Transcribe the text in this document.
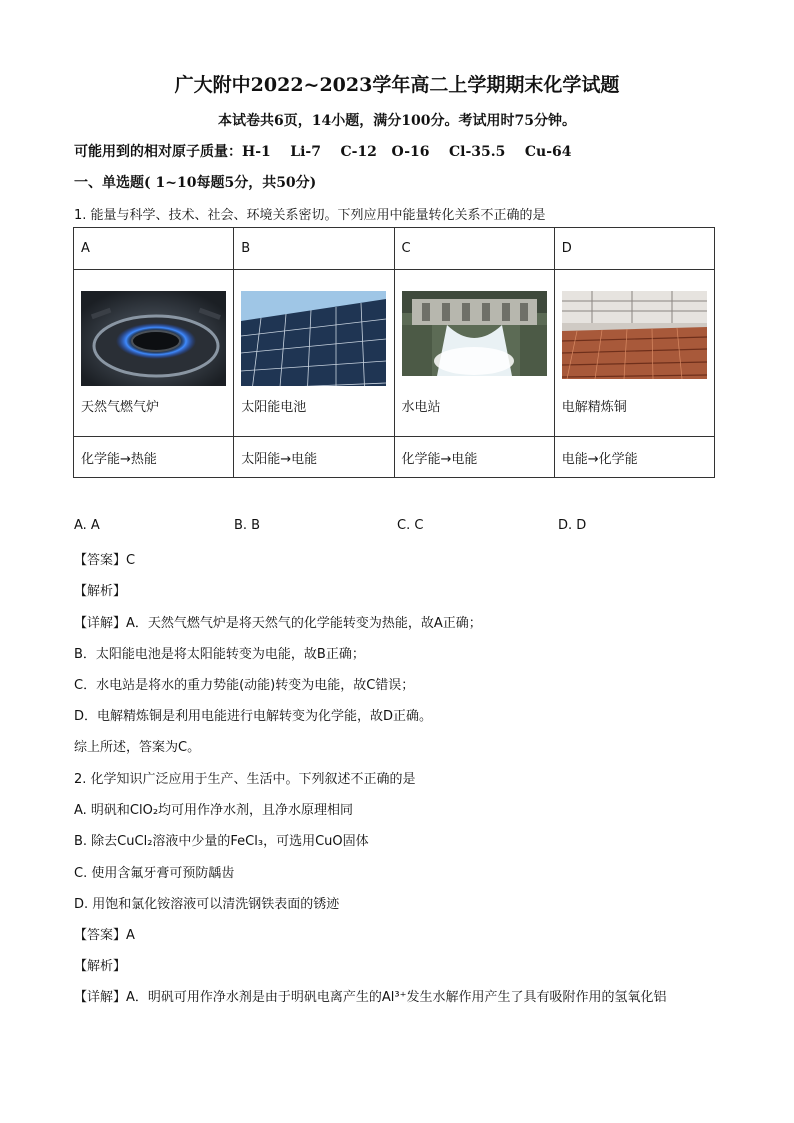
广大附中2022~2023学年高二上学期期末化学试题
本试卷共6页，14小题，满分100分。考试用时75分钟。
可能用到的相对原子质量：H-1    Li-7    C-12   O-16    Cl-35.5    Cu-64
一、单选题( 1~10每题5分，共50分)
1. 能量与科学、技术、社会、环境关系密切。下列应用中能量转化关系不正确的是
A	B	C	D

天然气燃气炉	太阳能电池	水电站	电解精炼铜

化学能→热能	太阳能→电能	化学能→电能	电能→化学能
A. A	B. B	C. C	D. D
【答案】C
【解析】
【详解】A．天然气燃气炉是将天然气的化学能转变为热能，故A正确；
B．太阳能电池是将太阳能转变为电能，故B正确；
C．水电站是将水的重力势能(动能)转变为电能，故C错误；
D．电解精炼铜是利用电能进行电解转变为化学能，故D正确。
综上所述，答案为C。
2. 化学知识广泛应用于生产、生活中。下列叙述不正确的是
A. 明矾和ClO₂均可用作净水剂，且净水原理相同
B. 除去CuCl₂溶液中少量的FeCl₃，可选用CuO固体
C. 使用含氟牙膏可预防龋齿
D. 用饱和氯化铵溶液可以清洗钢铁表面的锈迹
【答案】A
【解析】
【详解】A．明矾可用作净水剂是由于明矾电离产生的Al³⁺发生水解作用产生了具有吸附作用的氢氧化铝
